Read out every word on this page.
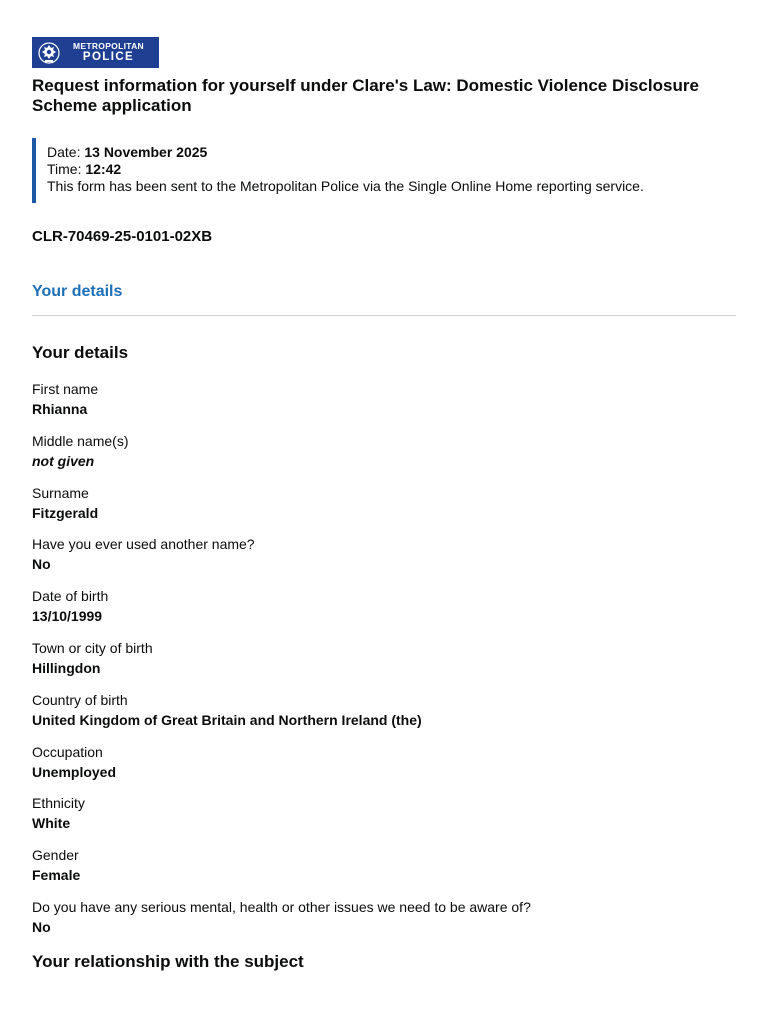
METROPOLITAN
POLICE
Request information for yourself under Clare's Law: Domestic Violence Disclosure Scheme application
Date: 13 November 2025
Time: 12:42
This form has been sent to the Metropolitan Police via the Single Online Home reporting service.
CLR-70469-25-0101-02XB
Your details
Your details
First name
Rhianna
Middle name(s)
not given
Surname
Fitzgerald
Have you ever used another name?
No
Date of birth
13/10/1999
Town or city of birth
Hillingdon
Country of birth
United Kingdom of Great Britain and Northern Ireland (the)
Occupation
Unemployed
Ethnicity
White
Gender
Female
Do you have any serious mental, health or other issues we need to be aware of?
No
Your relationship with the subject
